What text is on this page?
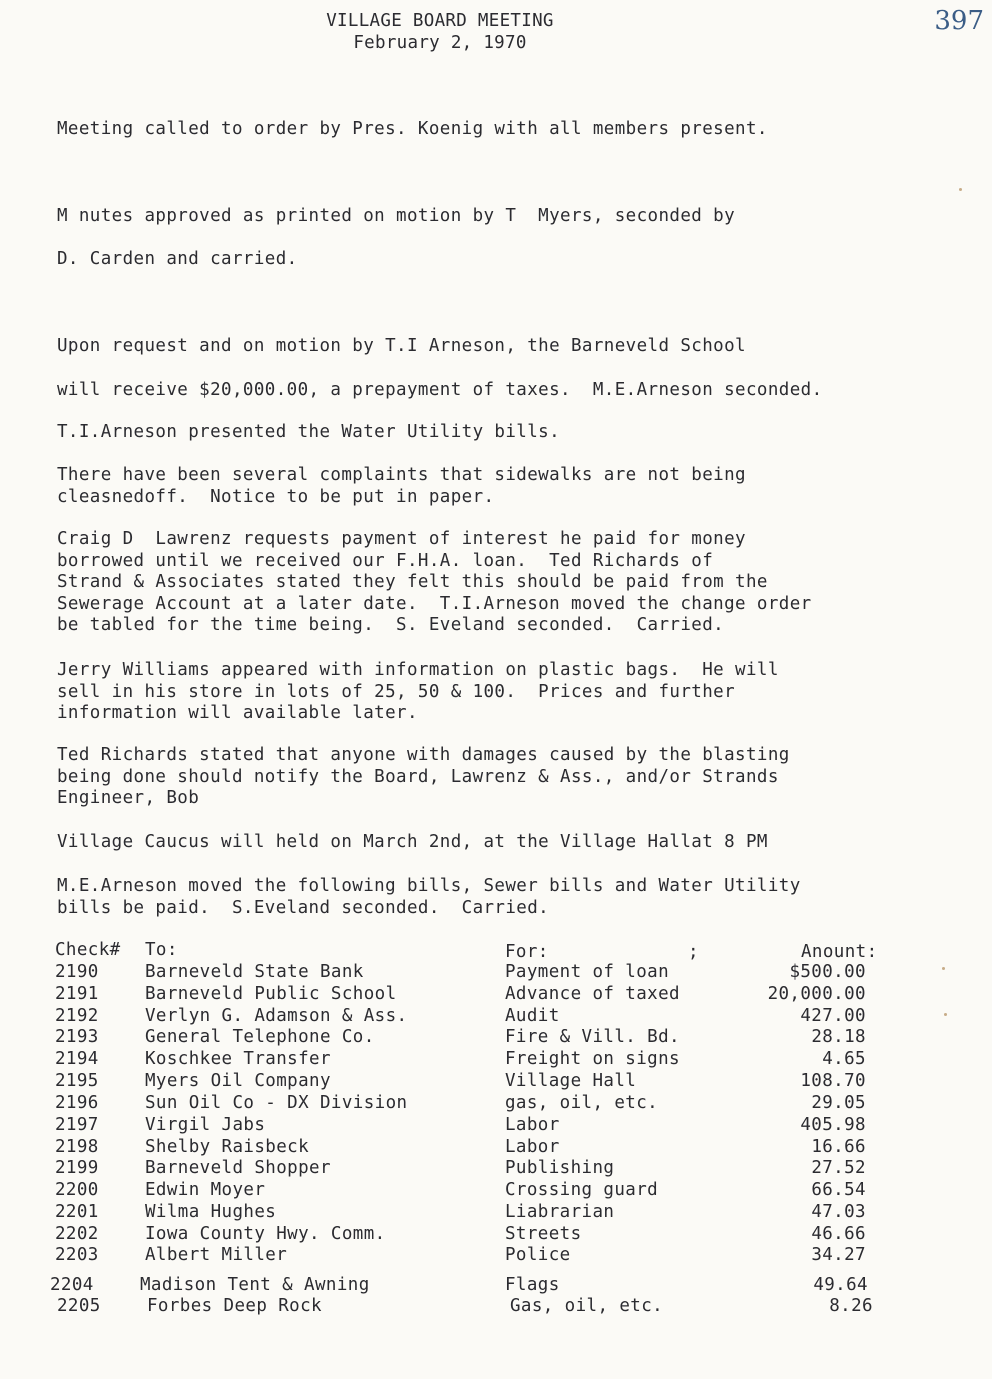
VILLAGE BOARD MEETING
February 2, 1970
397
Meeting called to order by Pres. Koenig with all members present.
M nutes approved as printed on motion by T  Myers, seconded by
D. Carden and carried.
Upon request and on motion by T.I Arneson, the Barneveld School
will receive $20,000.00, a prepayment of taxes.  M.E.Arneson seconded.
T.I.Arneson presented the Water Utility bills.
There have been several complaints that sidewalks are not being
cleasnedoff.  Notice to be put in paper.
Craig D  Lawrenz requests payment of interest he paid for money
borrowed until we received our F.H.A. loan.  Ted Richards of
Strand & Associates stated they felt this should be paid from the
Sewerage Account at a later date.  T.I.Arneson moved the change order
be tabled for the time being.  S. Eveland seconded.  Carried.
Jerry Williams appeared with information on plastic bags.  He will
sell in his store in lots of 25, 50 & 100.  Prices and further
information will available later.
Ted Richards stated that anyone with damages caused by the blasting
being done should notify the Board, Lawrenz & Ass., and/or Strands
Engineer, Bob
Village Caucus will held on March 2nd, at the Village Hallat 8 PM
M.E.Arneson moved the following bills, Sewer bills and Water Utility
bills be paid.  S.Eveland seconded.  Carried.
Check# To:	For:	;	Anount:
2190	Barneveld State Bank	Payment of loan	$500.00
2191	Barneveld Public School	Advance of taxed	20,000.00
2192	Verlyn G. Adamson & Ass.	Audit	427.00
2193	General Telephone Co.	Fire & Vill. Bd.	28.18
2194	Koschkee Transfer	Freight on signs	4.65
2195	Myers Oil Company	Village Hall	108.70
2196	Sun Oil Co - DX Division	gas, oil, etc.	29.05
2197	Virgil Jabs	Labor	405.98
2198	Shelby Raisbeck	Labor	16.66
2199	Barneveld Shopper	Publishing	27.52
2200	Edwin Moyer	Crossing guard	66.54
2201	Wilma Hughes	Liabrarian	47.03
2202	Iowa County Hwy. Comm.	Streets	46.66
2203	Albert Miller	Police	34.27
2204	Madison Tent & Awning	Flags	49.64
2205	Forbes Deep Rock	Gas, oil, etc.	8.26
